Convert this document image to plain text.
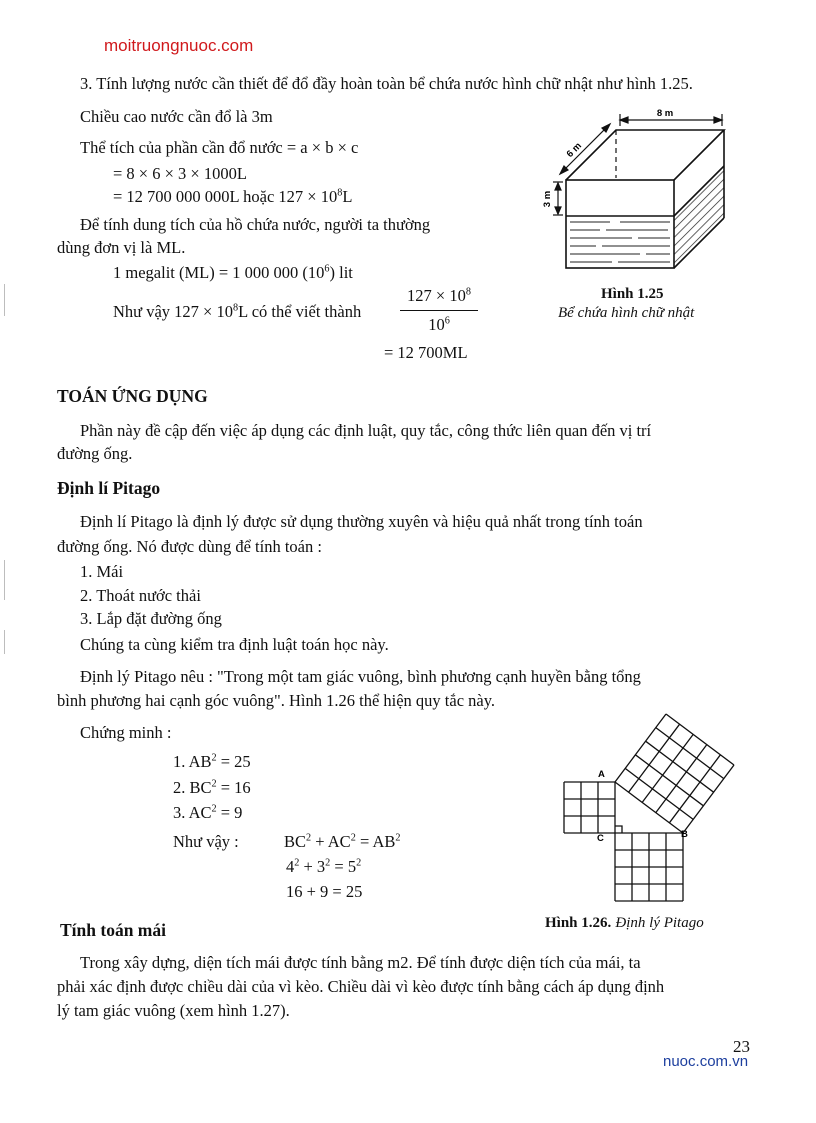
moitruongnuoc.com
3. Tính lượng nước cần thiết để đổ đầy hoàn toàn bể chứa nước hình chữ nhật như hình 1.25.
Chiều cao nước cần đổ là 3m
Thể tích của phần cần đổ nước = a × b × c
= 8 × 6 × 3 × 1000L
= 12 700 000 000L hoặc $127 \times 10^8L$
Để tính dung tích của hồ chứa nước, người ta thường
dùng đơn vị là ML.
1 megalit (ML) = 1 000 000 $(10^6)$ lit
Như vậy $127 \times 10^8L$ có thể viết thành $\frac{127 \times 10^8}{10^6}$
= 12 700ML
8 m
6 m
3 m
Hình 1.25
Bể chứa hình chữ nhật
TOÁN ỨNG DỤNG
Phần này đề cập đến việc áp dụng các định luật, quy tắc, công thức liên quan đến vị trí
đường ống.
Định lí Pitago
Định lí Pitago là định lý được sử dụng thường xuyên và hiệu quả nhất trong tính toán
đường ống. Nó được dùng để tính toán :
1. Mái
2. Thoát nước thải
3. Lắp đặt đường ống
Chúng ta cùng kiểm tra định luật toán học này.
Định lý Pitago nêu : "Trong một tam giác vuông, bình phương cạnh huyền bằng tổng
bình phương hai cạnh góc vuông". Hình 1.26 thể hiện quy tắc này.
Chứng minh :
1. $AB^2 = 25$
2. $BC^2 = 16$
3. $AC^2 = 9$
Như vậy :	$BC^2 + AC^2 = AB^2$
$4^2 + 3^2 = 5^2$
16 + 9 = 25
A
B
C
Hình 1.26. Định lý Pitago
Tính toán mái
Trong xây dựng, diện tích mái được tính bằng m2. Để tính được diện tích của mái, ta
phải xác định được chiều dài của vì kèo. Chiều dài vì kèo được tính bằng cách áp dụng định
lý tam giác vuông (xem hình 1.27).
23
nuoc.com.vn
